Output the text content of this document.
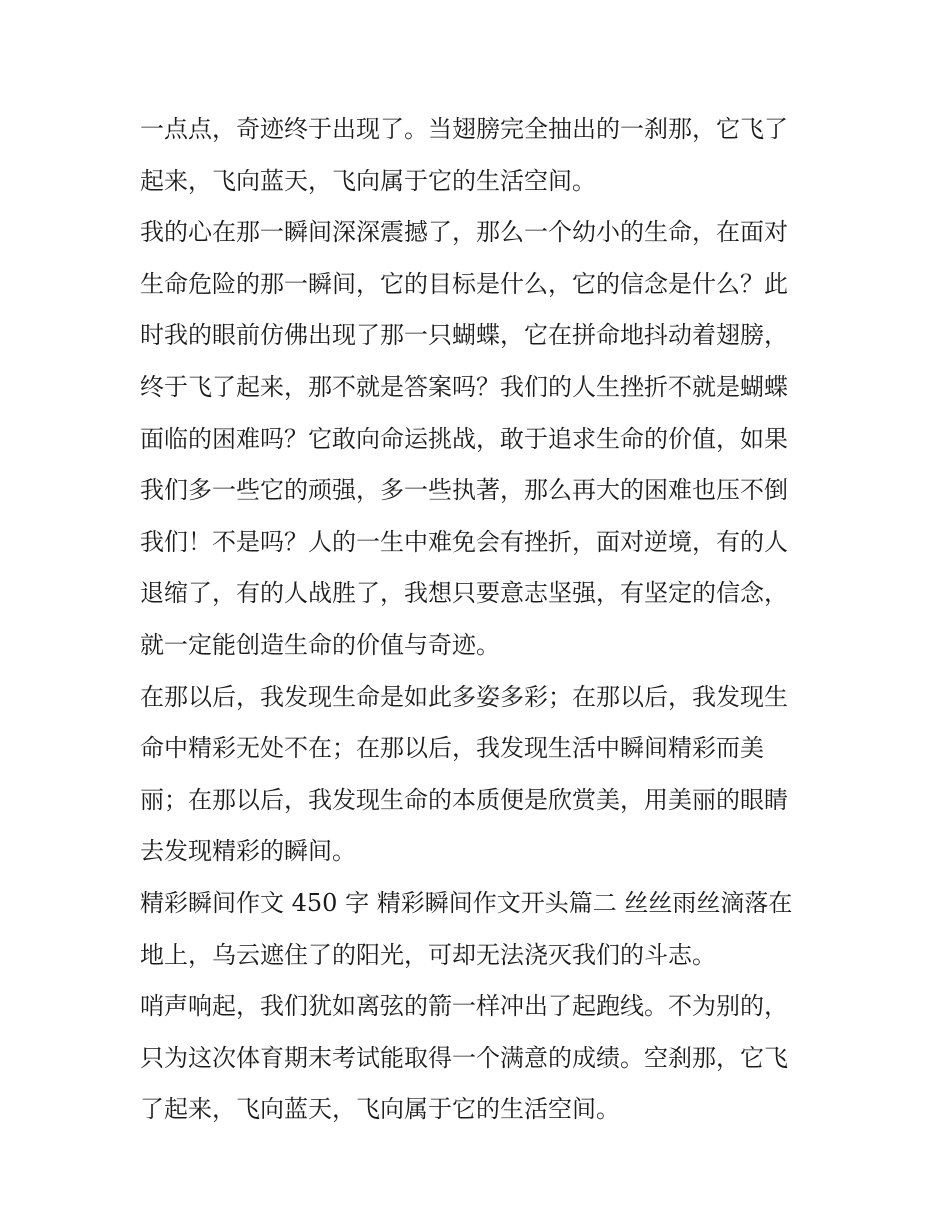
一点点，奇迹终于出现了。当翅膀完全抽出的一刹那，它飞了
起来，飞向蓝天，飞向属于它的生活空间。
我的心在那一瞬间深深震撼了，那么一个幼小的生命，在面对
生命危险的那一瞬间，它的目标是什么，它的信念是什么？此
时我的眼前仿佛出现了那一只蝴蝶，它在拼命地抖动着翅膀，
终于飞了起来，那不就是答案吗？我们的人生挫折不就是蝴蝶
面临的困难吗？它敢向命运挑战，敢于追求生命的价值，如果
我们多一些它的顽强，多一些执著，那么再大的困难也压不倒
我们！不是吗？人的一生中难免会有挫折，面对逆境，有的人
退缩了，有的人战胜了，我想只要意志坚强，有坚定的信念，
就一定能创造生命的价值与奇迹。
在那以后，我发现生命是如此多姿多彩；在那以后，我发现生
命中精彩无处不在；在那以后，我发现生活中瞬间精彩而美
丽；在那以后，我发现生命的本质便是欣赏美，用美丽的眼睛
去发现精彩的瞬间。
精彩瞬间作文 450 字 精彩瞬间作文开头篇二 丝丝雨丝滴落在
地上，乌云遮住了的阳光，可却无法浇灭我们的斗志。
哨声响起，我们犹如离弦的箭一样冲出了起跑线。不为别的，
只为这次体育期末考试能取得一个满意的成绩。空刹那，它飞
了起来，飞向蓝天，飞向属于它的生活空间。
